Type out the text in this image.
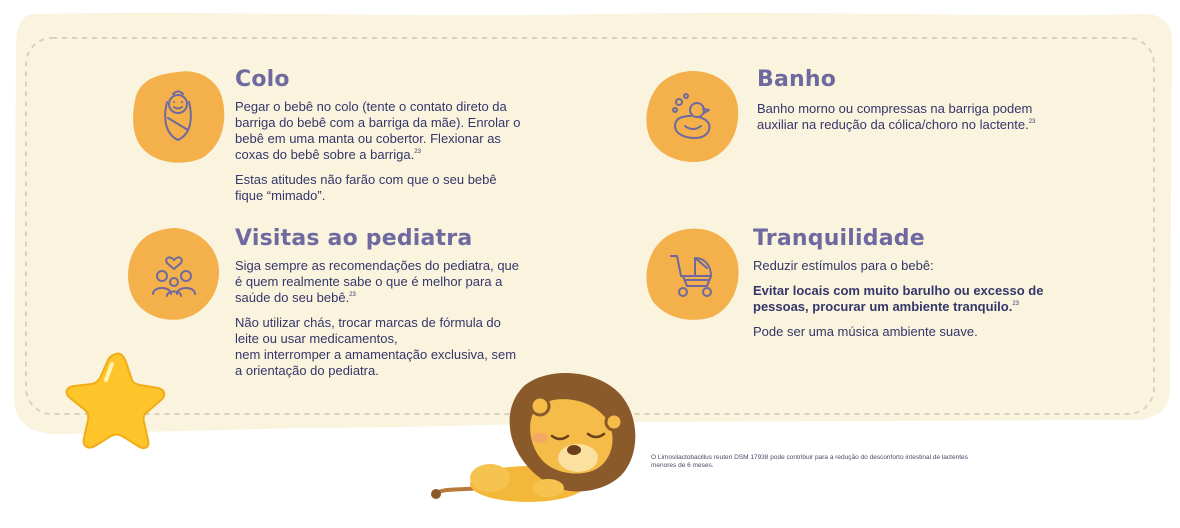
Colo

Pegar o bebê no colo (tente o contato direto da barriga do bebê com a barriga da mãe). Enrolar o bebê em uma manta ou cobertor. Flexionar as coxas do bebê sobre a barriga.$^{23}$

Estas atitudes não farão com que o seu bebê fique “mimado”.

Banho

Banho morno ou compressas na barriga podem auxiliar na redução da cólica/choro no lactente.$^{23}$

Visitas ao pediatra

Siga sempre as recomendações do pediatra, que é quem realmente sabe o que é melhor para a saúde do seu bebê.$^{23}$

Não utilizar chás, trocar marcas de fórmula do leite ou usar medicamentos,
nem interromper a amamentação exclusiva, sem a orientação do pediatra.

Tranquilidade

Reduzir estímulos para o bebê:

Evitar locais com muito barulho ou excesso de pessoas, procurar um ambiente tranquilo.$^{23}$

Pode ser uma música ambiente suave.

O Limosilactobacillus reuteri DSM 17938 pode contribuir para a redução do desconforto intestinal de lactentes menores de 6 meses.
